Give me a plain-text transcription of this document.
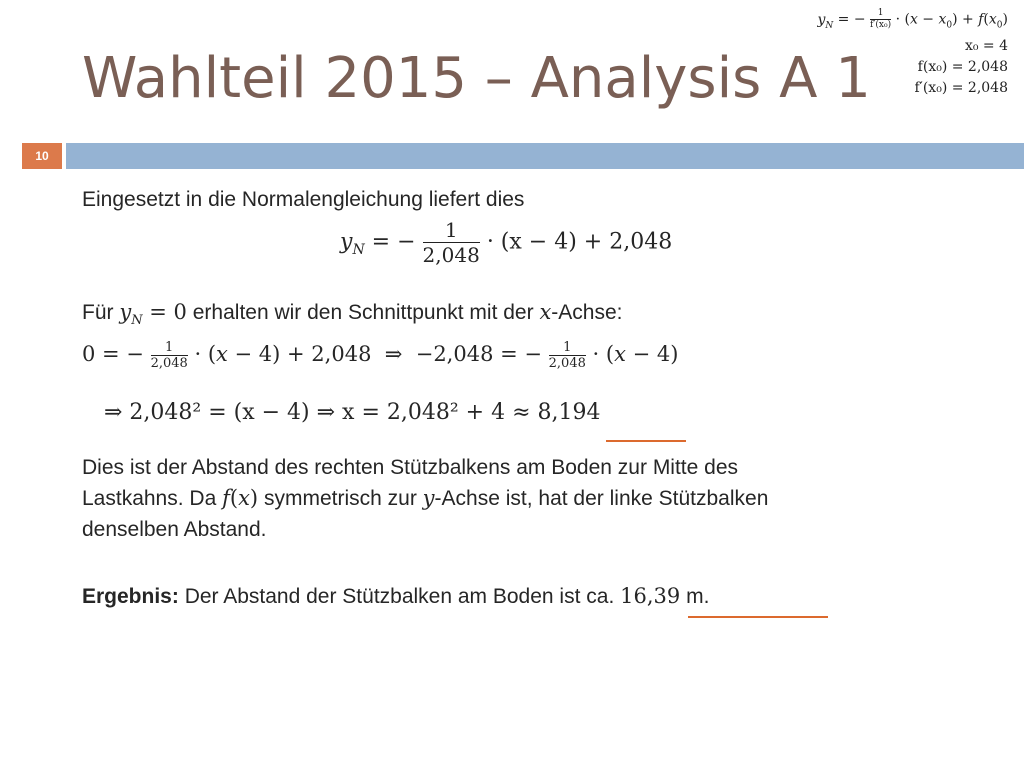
$y_N$ = − $\frac{1}{\text{f′(x₀)}} \cdot (x - x_0) + f(x_0)$
x₀ = 4
f(x₀) = 2,048
f′(x₀) = 2,048
Wahlteil 2015 – Analysis A 1
10
Eingesetzt in die Normalengleichung liefert dies
$y_N$ = − $\frac{1}{2,048} \cdot (x - 4) + 2,048$
Für $y_N = 0$ erhalten wir den Schnittpunkt mit der x-Achse:
0 = − $\frac{1}{2,048} \cdot (x - 4) + 2,048$  ⇒  −2,048 = − $\frac{1}{2,048} \cdot (x - 4)$
⇒ 2,048² = (x − 4) ⇒ x = 2,048² + 4 ≈ 8,194
Dies ist der Abstand des rechten Stützbalkens am Boden zur Mitte des
Lastkahns. Da f(x) symmetrisch zur y-Achse ist, hat der linke Stützbalken
denselben Abstand.
Ergebnis: Der Abstand der Stützbalken am Boden ist ca. 16,39 m.
